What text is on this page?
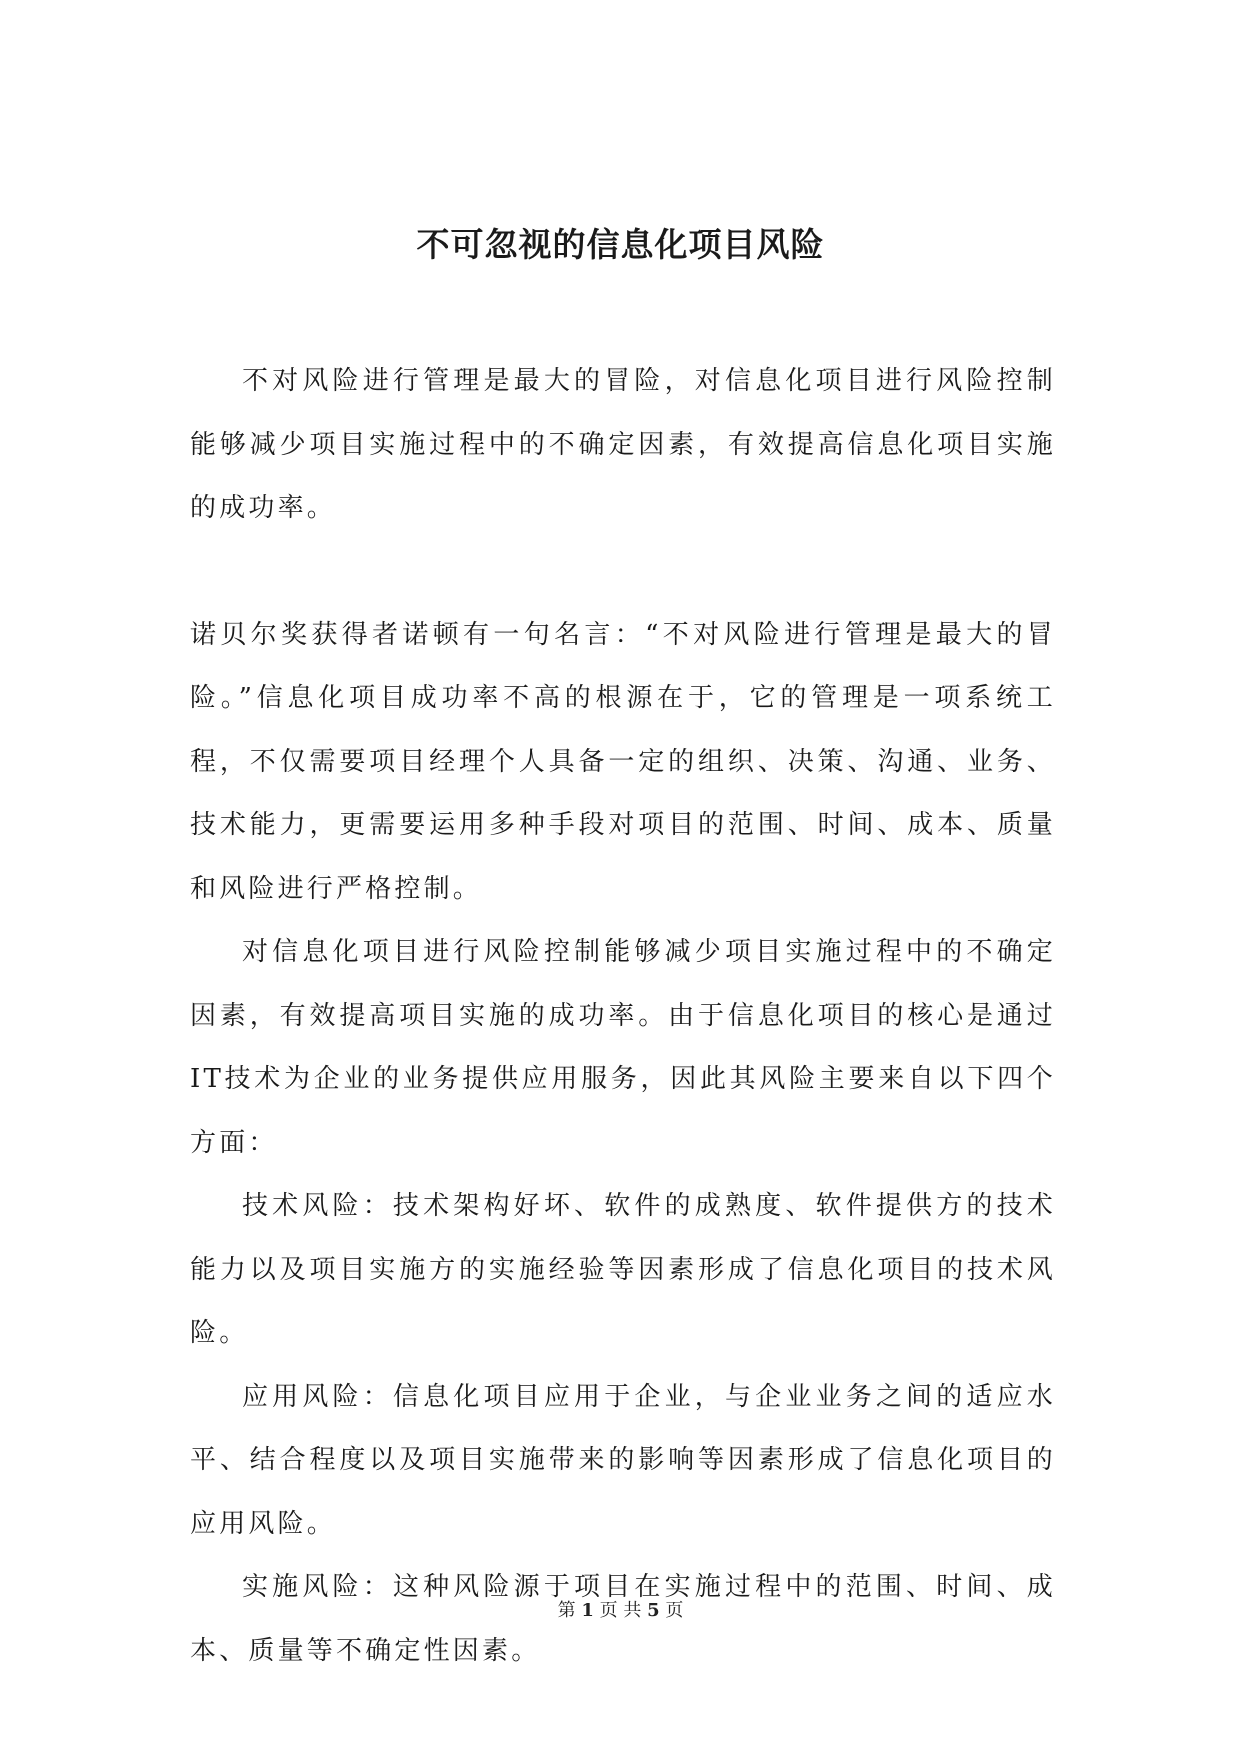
不可忽视的信息化项目风险

不对风险进行管理是最大的冒险，对信息化项目进行风险控制能够减少项目实施过程中的不确定因素，有效提高信息化项目实施的成功率。

诺贝尔奖获得者诺顿有一句名言：“不对风险进行管理是最大的冒险。”信息化项目成功率不高的根源在于，它的管理是一项系统工程，不仅需要项目经理个人具备一定的组织、决策、沟通、业务、技术能力，更需要运用多种手段对项目的范围、时间、成本、质量和风险进行严格控制。

对信息化项目进行风险控制能够减少项目实施过程中的不确定因素，有效提高项目实施的成功率。由于信息化项目的核心是通过IT技术为企业的业务提供应用服务，因此其风险主要来自以下四个方面：

技术风险：技术架构好坏、软件的成熟度、软件提供方的技术能力以及项目实施方的实施经验等因素形成了信息化项目的技术风险。

应用风险：信息化项目应用于企业，与企业业务之间的适应水平、结合程度以及项目实施带来的影响等因素形成了信息化项目的应用风险。

实施风险：这种风险源于项目在实施过程中的范围、时间、成本、质量等不确定性因素。

第 1 页 共 5 页
